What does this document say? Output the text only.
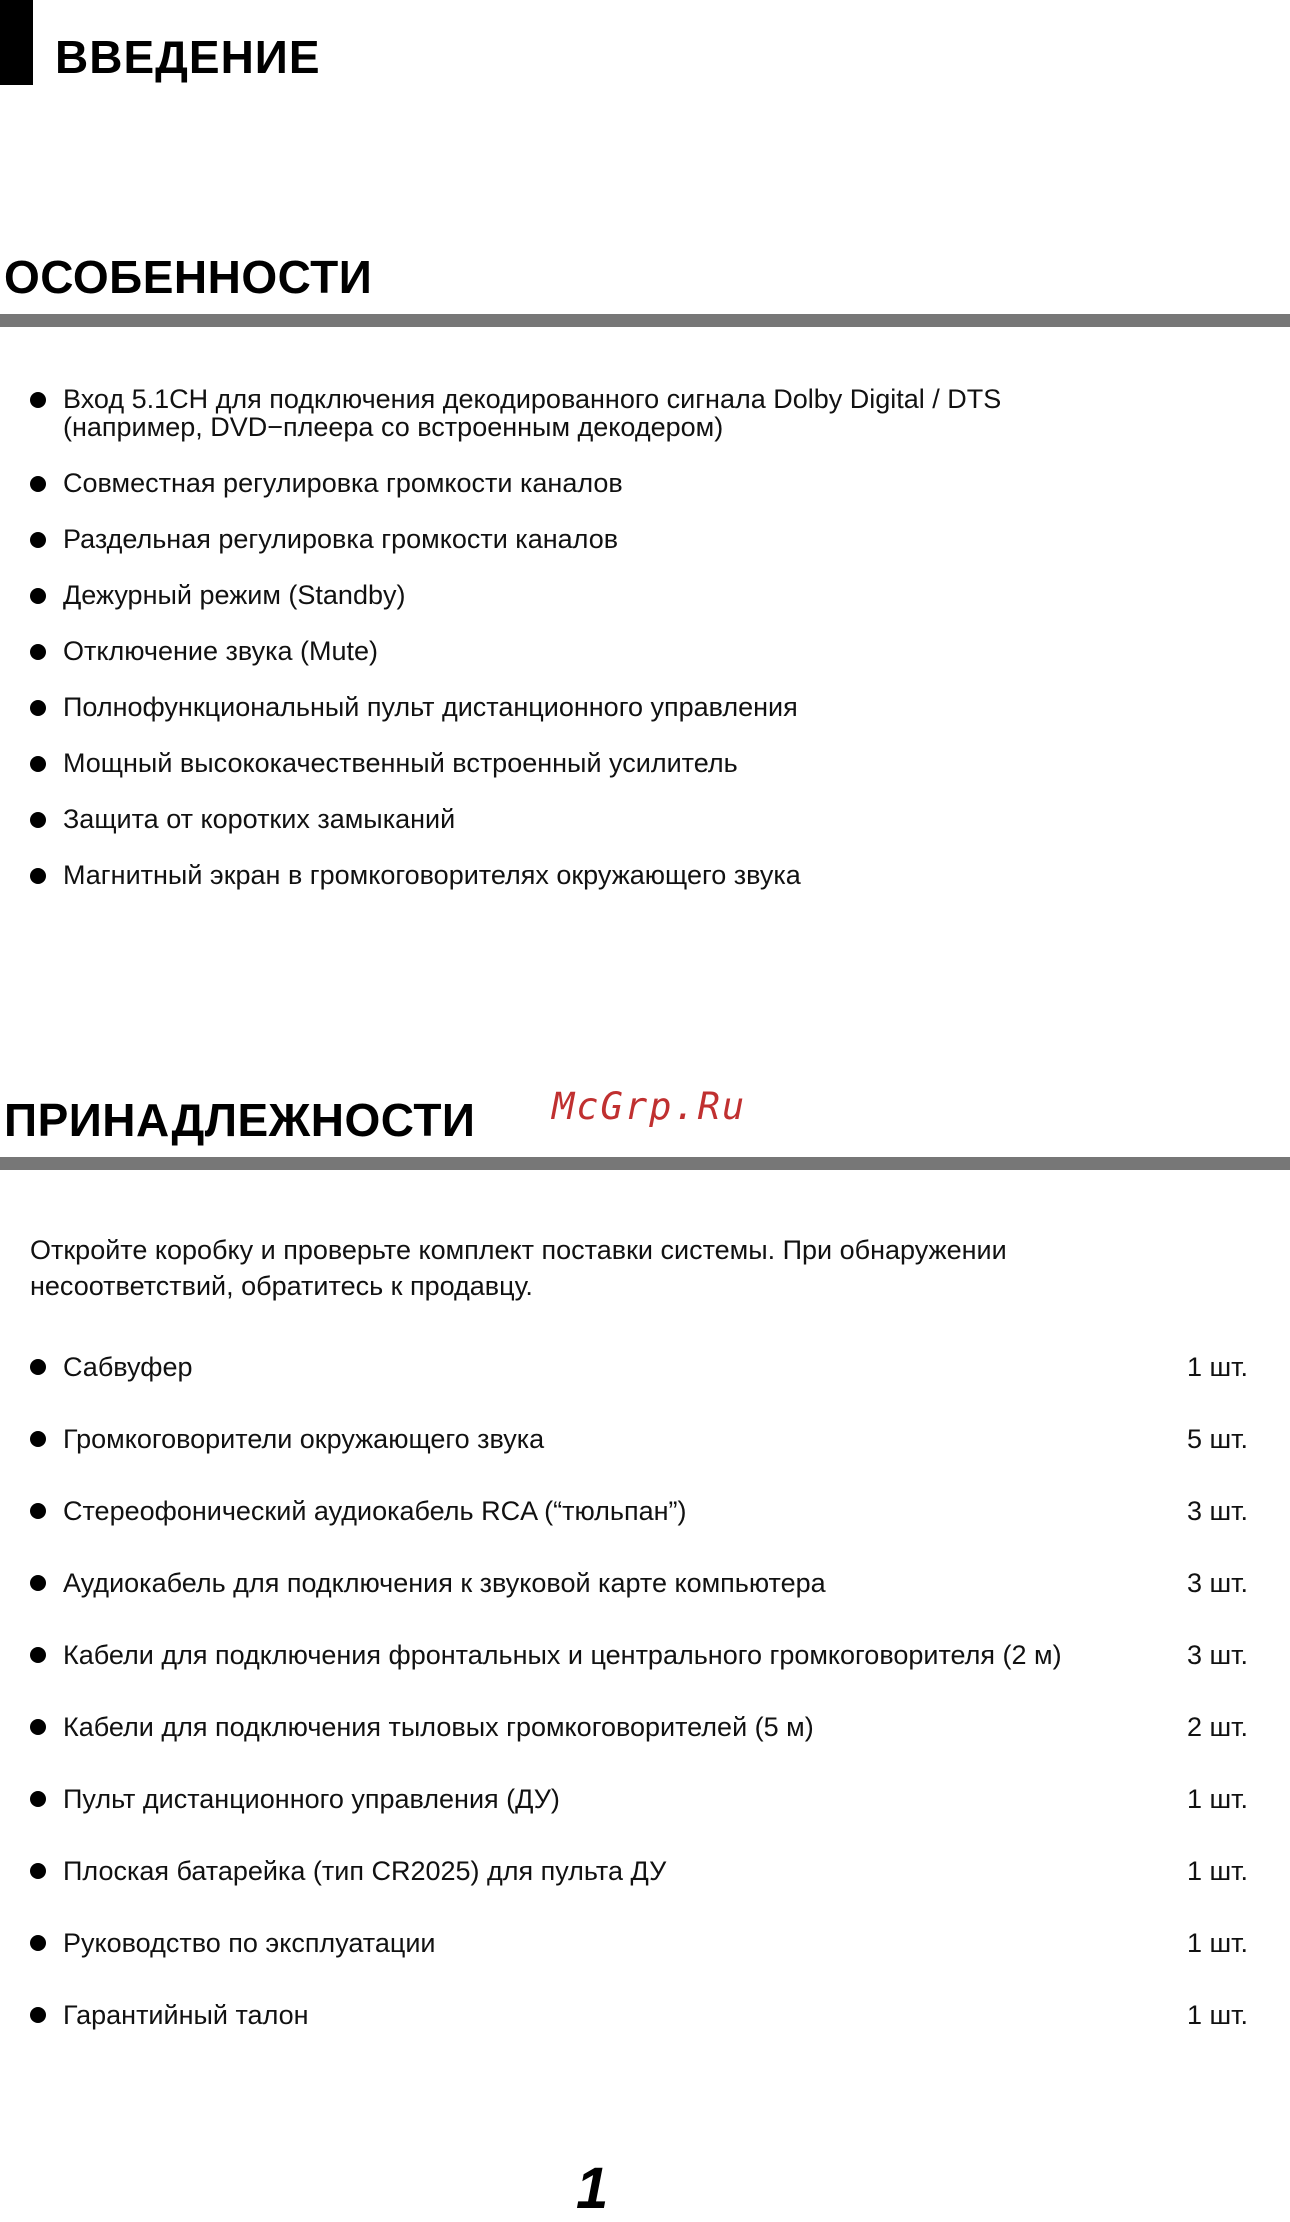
ВВЕДЕНИЕ
ОСОБЕННОСТИ
Вход 5.1CH для подключения декодированного сигнала Dolby Digital / DTS
(например, DVD−плеера со встроенным декодером)
Совместная регулировка громкости каналов
Раздельная регулировка громкости каналов
Дежурный режим (Standby)
Отключение звука (Mute)
Полнофункциональный пульт дистанционного управления
Мощный высококачественный встроенный усилитель
Защита от коротких замыканий
Магнитный экран в громкоговорителях окружающего звука
ПРИНАДЛЕЖНОСТИ McGrp.Ru
Откройте коробку и проверьте комплект поставки системы. При обнаружении
несоответствий, обратитесь к продавцу.
Сабвуфер	1 шт.
Громкоговорители окружающего звука	5 шт.
Стереофонический аудиокабель RCA (“тюльпан”)	3 шт.
Аудиокабель для подключения к звуковой карте компьютера	3 шт.
Кабели для подключения фронтальных и центрального громкоговорителя (2 м)	3 шт.
Кабели для подключения тыловых громкоговорителей (5 м)	2 шт.
Пульт дистанционного управления (ДУ)	1 шт.
Плоская батарейка (тип CR2025) для пульта ДУ	1 шт.
Руководство по эксплуатации	1 шт.
Гарантийный талон	1 шт.
1
